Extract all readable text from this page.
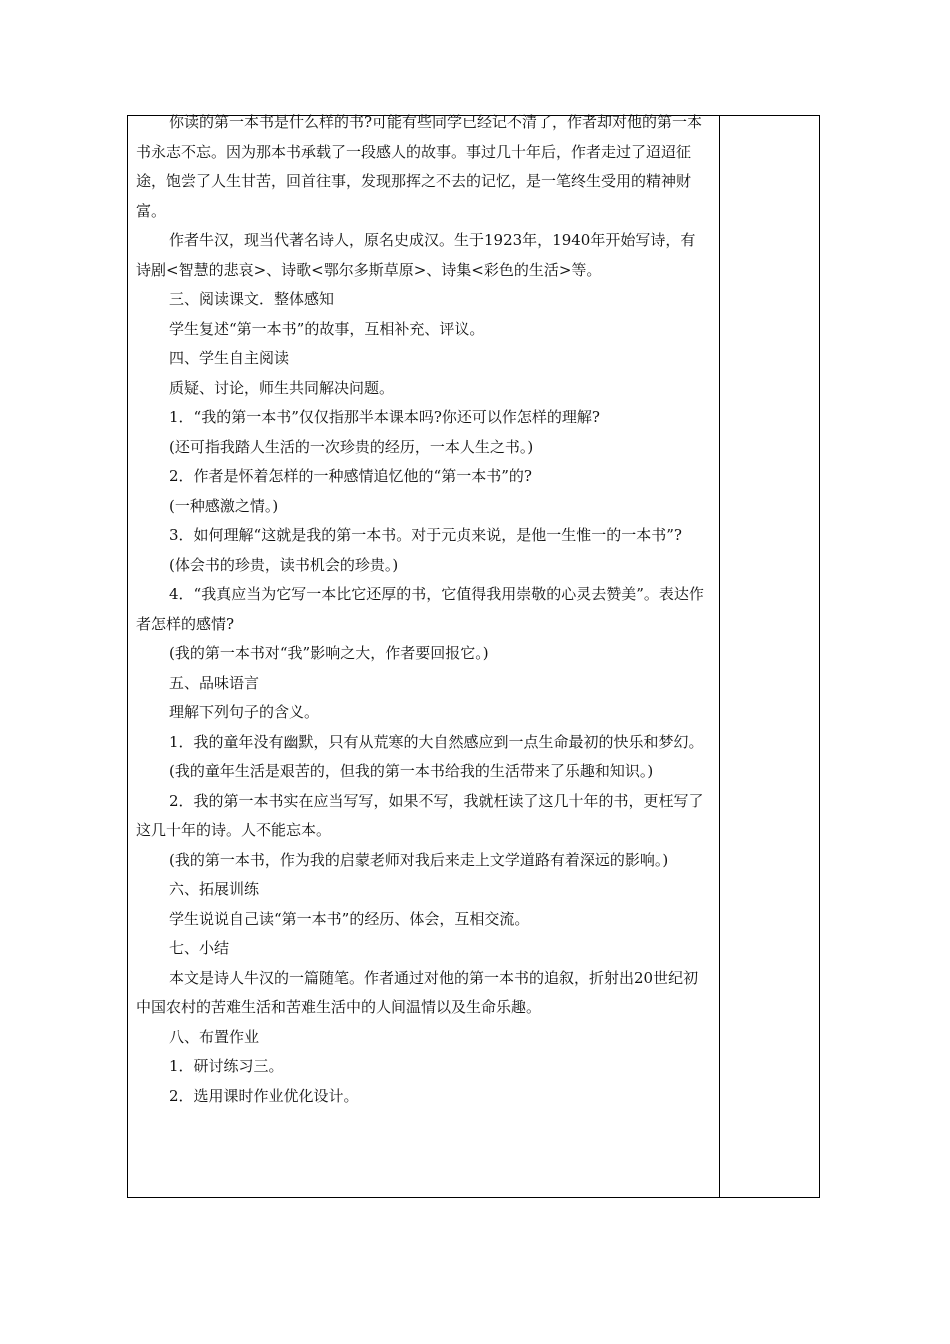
你读的第一本书是什么样的书?可能有些同学已经记不清了，作者却对他的第一本书永志不忘。因为那本书承载了一段感人的故事。事过几十年后，作者走过了迢迢征途，饱尝了人生甘苦，回首往事，发现那挥之不去的记忆，是一笔终生受用的精神财富。

作者牛汉，现当代著名诗人，原名史成汉。生于1923年，1940年开始写诗，有诗剧<智慧的悲哀>、诗歌<鄂尔多斯草原>、诗集<彩色的生活>等。

三、阅读课文．整体感知

学生复述“第一本书”的故事，互相补充、评议。

四、学生自主阅读

质疑、讨论，师生共同解决问题。

1．“我的第一本书”仅仅指那半本课本吗?你还可以作怎样的理解?

(还可指我踏人生活的一次珍贵的经历，一本人生之书。)

2．作者是怀着怎样的一种感情追忆他的“第一本书”的?

(一种感激之情。)

3．如何理解“这就是我的第一本书。对于元贞来说，是他一生惟一的一本书”?

(体会书的珍贵，读书机会的珍贵。)

4．“我真应当为它写一本比它还厚的书，它值得我用崇敬的心灵去赞美”。表达作者怎样的感情?

(我的第一本书对“我”影响之大，作者要回报它。)

五、品味语言

理解下列句子的含义。

1．我的童年没有幽默，只有从荒寒的大自然感应到一点生命最初的快乐和梦幻。

(我的童年生活是艰苦的，但我的第一本书给我的生活带来了乐趣和知识。)

2．我的第一本书实在应当写写，如果不写，我就枉读了这几十年的书，更枉写了这几十年的诗。人不能忘本。

(我的第一本书，作为我的启蒙老师对我后来走上文学道路有着深远的影响。)

六、拓展训练

学生说说自己读“第一本书”的经历、体会，互相交流。

七、小结

本文是诗人牛汉的一篇随笔。作者通过对他的第一本书的追叙，折射出20世纪初中国农村的苦难生活和苦难生活中的人间温情以及生命乐趣。

八、布置作业

1．研讨练习三。

2．选用课时作业优化设计。
